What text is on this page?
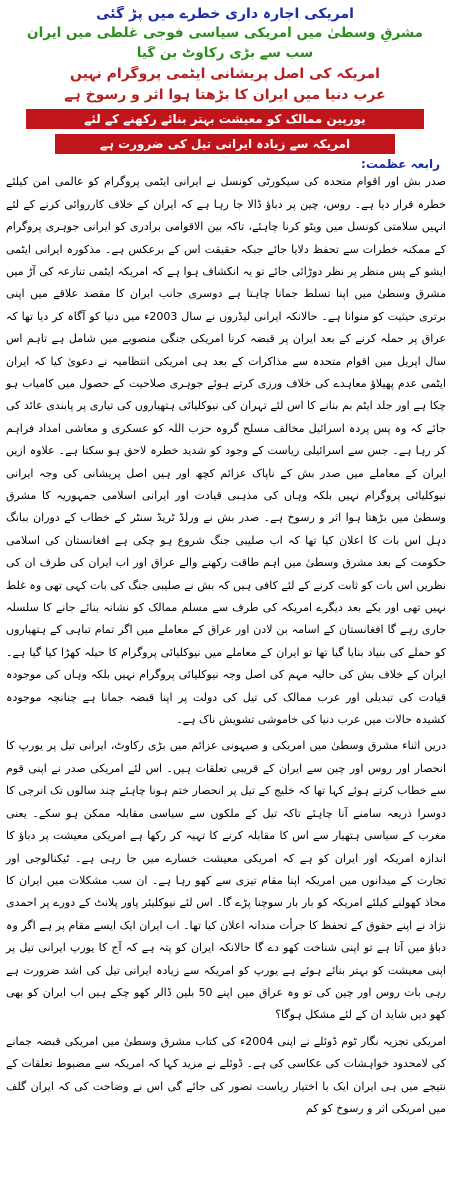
امریکی اجارہ داری خطرے میں پڑ گئی
مشرقِ وسطیٰ میں امریکی سیاسی فوجی غلطی میں ایران
سب سے بڑی رکاوٹ بن گیا
امریکہ کی اصل پریشانی ایٹمی پروگرام نہیں
عرب دنیا میں ایران کا بڑھتا ہوا اثر و رسوخ ہے
یورپین ممالک کو معیشت بہتر بنائے رکھنے کے لئے
امریکہ سے زیادہ ایرانی تیل کی ضرورت ہے
رابعہ عظمت:

صدر بش اور اقوام متحدہ کی سیکورٹی کونسل نے ایرانی ایٹمی پروگرام کو عالمی امن کیلئے خطرہ قرار دیا ہے۔ روس، چین پر دباؤ ڈالا جا رہا ہے کہ ایران کے خلاف کارروائی کرنے کے لئے انہیں سلامتی کونسل میں ویٹو کرنا چاہئے، تاکہ بین الاقوامی برادری کو ایرانی جوہری پروگرام کے ممکنہ خطرات سے تحفظ دلایا جائے جبکہ حقیقت اس کے برعکس ہے۔ مذکورہ ایرانی ایٹمی ایشو کے پس منظر پر نظر دوڑائی جائے تو یہ انکشاف ہوا ہے کہ امریکہ ایٹمی تنازعہ کی آڑ میں مشرق وسطیٰ میں اپنا تسلط جمانا چاہتا ہے دوسری جانب ایران کا مقصد علاقے میں اپنی برتری حیثیت کو منوانا ہے۔ حالانکہ ایرانی لیڈروں نے سال 2003ء میں دنیا کو آگاہ کر دیا تھا کہ عراق پر حملہ کرنے کے بعد ایران پر قبضہ کرنا امریکی جنگی منصوبے میں شامل ہے تاہم اس سال اپریل میں اقوام متحدہ سے مذاکرات کے بعد ہی امریکی انتظامیہ نے دعویٰ کیا کہ ایران ایٹمی عدم پھیلاؤ معاہدے کی خلاف ورزی کرتے ہوئے جوہری صلاحیت کے حصول میں کامیاب ہو چکا ہے اور جلد ایٹم بم بنانے کا اس لئے تہران کی نیوکلیائی ہتھیاروں کی تیاری پر پابندی عائد کی جائے کہ وہ پس پردہ اسرائیل مخالف مسلح گروہ حزب اللہ کو عسکری و معاشی امداد فراہم کر رہا ہے۔ جس سے اسرائیلی ریاست کے وجود کو شدید خطرہ لاحق ہو سکتا ہے۔ علاوہ ازیں ایران کے معاملے میں صدر بش کے ناپاک عزائم کچھ اور ہیں اصل پریشانی کی وجہ ایرانی نیوکلیائی پروگرام نہیں بلکہ وہاں کی مذہبی قیادت اور ایرانی اسلامی جمہوریہ کا مشرق وسطیٰ میں بڑھتا ہوا اثر و رسوخ ہے۔ صدر بش نے ورلڈ ٹریڈ سنٹر کے خطاب کے دوران ببانگ دہل اس بات کا اعلان کیا تھا کہ اب صلیبی جنگ شروع ہو چکی ہے افغانستان کی اسلامی حکومت کے بعد مشرق وسطیٰ میں اہم طاقت رکھنے والے عراق اور اب ایران کی طرف ان کی نظریں اس بات کو ثابت کرنے کے لئے کافی ہیں کہ بش نے صلیبی جنگ کی بات کہی تھی وہ غلط نہیں تھی اور یکے بعد دیگرے امریکہ کی طرف سے مسلم ممالک کو نشانہ بنائے جانے کا سلسلہ جاری رہے گا افغانستان کے اسامہ بن لادن اور عراق کے معاملے میں اگر تمام تباہی کے ہتھیاروں کو حملے کی بنیاد بنایا گیا تھا تو ایران کے معاملے میں نیوکلیائی پروگرام کا حیلہ کھڑا کیا گیا ہے۔ ایران کے خلاف بش کی حالیہ مہم کی اصل وجہ نیوکلیائی پروگرام نہیں بلکہ وہاں کی موجودہ قیادت کی تبدیلی اور عرب ممالک کی تیل کی دولت پر اپنا قبضہ جمانا ہے چنانچہ موجودہ کشیدہ حالات میں عرب دنیا کی خاموشی تشویش ناک ہے۔

دریں اثناء مشرق وسطیٰ میں امریکی و صیہونی عزائم میں بڑی رکاوٹ، ایرانی تیل پر یورپ کا انحصار اور روس اور چین سے ایران کے قریبی تعلقات ہیں۔ اس لئے امریکی صدر نے اپنی قوم سے خطاب کرتے ہوئے کہا تھا کہ خلیج کے تیل پر انحصار ختم ہونا چاہئے چند سالوں تک انرجی کا دوسرا ذریعہ سامنے آنا چاہئے تاکہ تیل کے ملکوں سے سیاسی مقابلہ ممکن ہو سکے۔ یعنی مغرب کے سیاسی ہتھیار سے اس کا مقابلہ کرنے کا تہیہ کر رکھا ہے امریکی معیشت پر دباؤ کا اندازہ امریکہ اور ایران کو ہے کہ امریکی معیشت خسارے میں جا رہی ہے۔ ٹیکنالوجی اور تجارت کے میدانوں میں امریکہ اپنا مقام تیزی سے کھو رہا ہے۔ ان سب مشکلات میں ایران کا محاذ کھولنے کیلئے امریکہ کو بار بار سوچنا پڑے گا۔ اس لئے نیوکلیئر پاور پلانٹ کے دورے پر احمدی نژاد نے اپنے حقوق کے تحفظ کا جرأت مندانہ اعلان کیا تھا۔ اب ایران ایک ایسے مقام پر ہے اگر وہ دباؤ میں آتا ہے تو اپنی شناخت کھو دے گا حالانکہ ایران کو پتہ ہے کہ آج کا یورپ ایرانی تیل پر اپنی معیشت کو بہتر بنائے ہوئے ہے یورپ کو امریکہ سے زیادہ ایرانی تیل کی اشد ضرورت ہے رہی بات روس اور چین کی تو وہ عراق میں اپنے 50 بلین ڈالر کھو چکے ہیں اب ایران کو بھی کھو دیں شاید ان کے لئے مشکل ہوگا؟

امریکی تجزیہ نگار ٹوم ڈوئلے نے اپنی 2004ء کی کتاب مشرق وسطیٰ میں امریکی قبضہ جمانے کی لامحدود خواہشات کی عکاسی کی ہے۔ ڈوئلے نے مزید کہا کہ امریکہ سے مضبوط تعلقات کے نتیجے میں ہی ایران ایک با اختیار ریاست تصور کی جائے گی اس نے وضاحت کی کہ ایران گلف میں امریکی اثر و رسوخ کو کم
